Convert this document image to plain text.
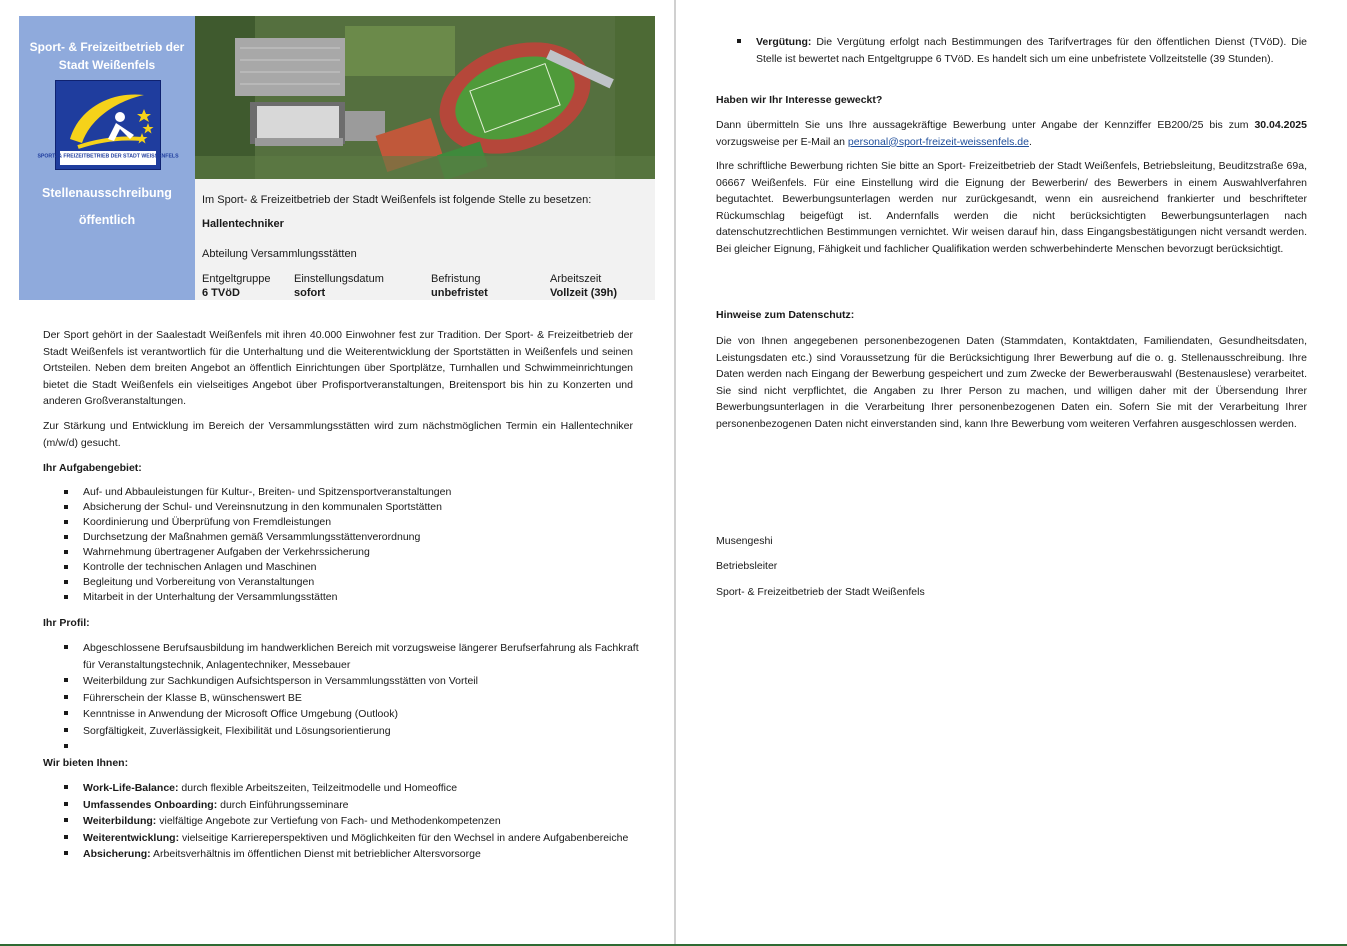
Sport- & Freizeitbetrieb der Stadt Weißenfels
SPORT- & FREIZEITBETRIEB DER STADT WEISSENFELS
Stellenausschreibung
öffentlich
Im Sport- & Freizeitbetrieb der Stadt Weißenfels ist folgende Stelle zu besetzen:
Hallentechniker
Abteilung Versammlungsstätten
Entgeltgruppe
6 TVöD
Einstellungsdatum
sofort
Befristung
unbefristet
Arbeitszeit
Vollzeit (39h)
Der Sport gehört in der Saalestadt Weißenfels mit ihren 40.000 Einwohner fest zur Tradition. Der Sport- & Freizeitbetrieb der Stadt Weißenfels ist verantwortlich für die Unterhaltung und die Weiterentwicklung der Sportstätten in Weißenfels und seinen Ortsteilen. Neben dem breiten Angebot an öffentlich Einrichtungen über Sportplätze, Turnhallen und Schwimmeinrichtungen bietet die Stadt Weißenfels ein vielseitiges Angebot über Profisportveranstaltungen, Breitensport bis hin zu Konzerten und anderen Großveranstaltungen.
Zur Stärkung und Entwicklung im Bereich der Versammlungsstätten wird zum nächstmöglichen Termin ein Hallentechniker (m/w/d) gesucht.
Ihr Aufgabengebiet:
Auf- und Abbauleistungen für Kultur-, Breiten- und Spitzensportveranstaltungen
Absicherung der Schul- und Vereinsnutzung in den kommunalen Sportstätten
Koordinierung und Überprüfung von Fremdleistungen
Durchsetzung der Maßnahmen gemäß Versammlungsstättenverordnung
Wahrnehmung übertragener Aufgaben der Verkehrssicherung
Kontrolle der technischen Anlagen und Maschinen
Begleitung und Vorbereitung von Veranstaltungen
Mitarbeit in der Unterhaltung der Versammlungsstätten
Ihr Profil:
Abgeschlossene Berufsausbildung im handwerklichen Bereich mit vorzugsweise längerer Berufserfahrung als Fachkraft für Veranstaltungstechnik, Anlagentechniker, Messebauer
Weiterbildung zur Sachkundigen Aufsichtsperson in Versammlungsstätten von Vorteil
Führerschein der Klasse B, wünschenswert BE
Kenntnisse in Anwendung der Microsoft Office Umgebung (Outlook)
Sorgfältigkeit, Zuverlässigkeit, Flexibilität und Lösungsorientierung
Wir bieten Ihnen:
Work-Life-Balance: durch flexible Arbeitszeiten, Teilzeitmodelle und Homeoffice
Umfassendes Onboarding: durch Einführungsseminare
Weiterbildung: vielfältige Angebote zur Vertiefung von Fach- und Methodenkompetenzen
Weiterentwicklung: vielseitige Karriereperspektiven und Möglichkeiten für den Wechsel in andere Aufgabenbereiche
Absicherung: Arbeitsverhältnis im öffentlichen Dienst mit betrieblicher Altersvorsorge
Vergütung: Die Vergütung erfolgt nach Bestimmungen des Tarifvertrages für den öffentlichen Dienst (TVöD). Die Stelle ist bewertet nach Entgeltgruppe 6 TVöD. Es handelt sich um eine unbefristete Vollzeitstelle (39 Stunden).
Haben wir Ihr Interesse geweckt?
Dann übermitteln Sie uns Ihre aussagekräftige Bewerbung unter Angabe der Kennziffer EB200/25 bis zum 30.04.2025 vorzugsweise per E-Mail an personal@sport-freizeit-weissenfels.de.
Ihre schriftliche Bewerbung richten Sie bitte an Sport- Freizeitbetrieb der Stadt Weißenfels, Betriebsleitung, Beuditzstraße 69a, 06667 Weißenfels. Für eine Einstellung wird die Eignung der Bewerberin/ des Bewerbers in einem Auswahlverfahren begutachtet. Bewerbungsunterlagen werden nur zurückgesandt, wenn ein ausreichend frankierter und beschrifteter Rückumschlag beigefügt ist. Andernfalls werden die nicht berücksichtigten Bewerbungsunterlagen nach datenschutzrechtlichen Bestimmungen vernichtet. Wir weisen darauf hin, dass Eingangsbestätigungen nicht versandt werden. Bei gleicher Eignung, Fähigkeit und fachlicher Qualifikation werden schwerbehinderte Menschen bevorzugt berücksichtigt.
Hinweise zum Datenschutz:
Die von Ihnen angegebenen personenbezogenen Daten (Stammdaten, Kontaktdaten, Familiendaten, Gesundheitsdaten, Leistungsdaten etc.) sind Voraussetzung für die Berücksichtigung Ihrer Bewerbung auf die o. g. Stellenausschreibung. Ihre Daten werden nach Eingang der Bewerbung gespeichert und zum Zwecke der Bewerberauswahl (Bestenauslese) verarbeitet. Sie sind nicht verpflichtet, die Angaben zu Ihrer Person zu machen, und willigen daher mit der Übersendung Ihrer Bewerbungsunterlagen in die Verarbeitung Ihrer personenbezogenen Daten ein. Sofern Sie mit der Verarbeitung Ihrer personenbezogenen Daten nicht einverstanden sind, kann Ihre Bewerbung vom weiteren Verfahren ausgeschlossen werden.
Musengeshi
Betriebsleiter
Sport- & Freizeitbetrieb der Stadt Weißenfels
